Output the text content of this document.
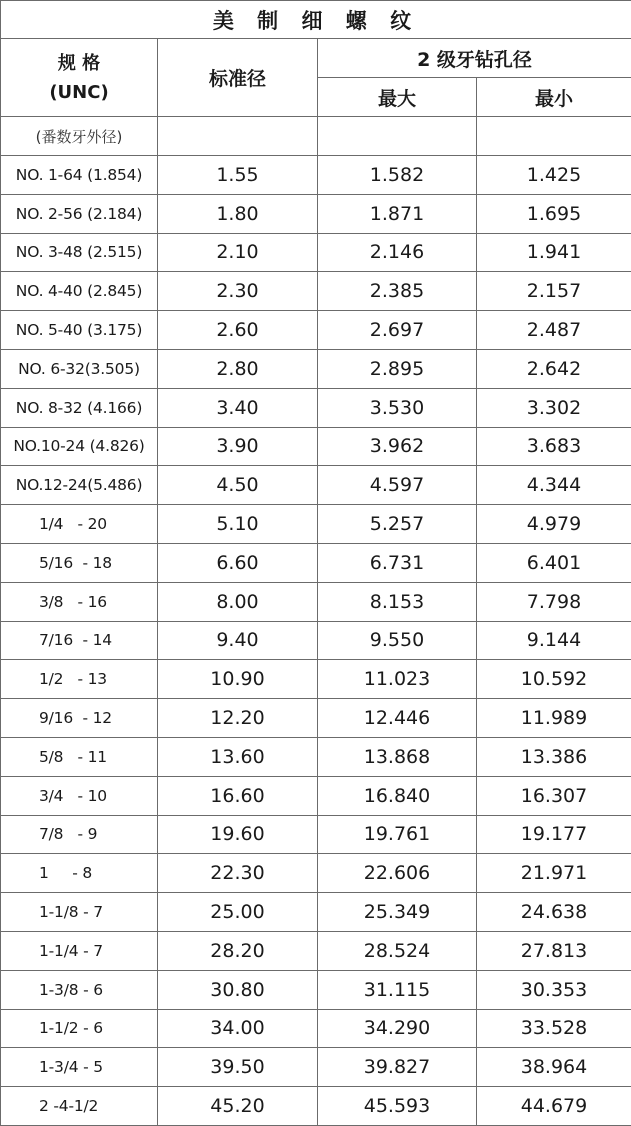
美 制 细 螺 纹			

规 格
(UNC)	标准径	2 级牙钻孔径	
		最大	最小
(番数牙外径)			
NO. 1-64 (1.854)	1.55	1.582	1.425
NO. 2-56 (2.184)	1.80	1.871	1.695
NO. 3-48 (2.515)	2.10	2.146	1.941
NO. 4-40 (2.845)	2.30	2.385	2.157
NO. 5-40 (3.175)	2.60	2.697	2.487
NO. 6-32(3.505)	2.80	2.895	2.642
NO. 8-32 (4.166)	3.40	3.530	3.302
NO.10-24 (4.826)	3.90	3.962	3.683
NO.12-24(5.486)	4.50	4.597	4.344
1/4   - 20	5.10	5.257	4.979
5/16  - 18	6.60	6.731	6.401
3/8   - 16	8.00	8.153	7.798
7/16  - 14	9.40	9.550	9.144
1/2   - 13	10.90	11.023	10.592
9/16  - 12	12.20	12.446	11.989
5/8   - 11	13.60	13.868	13.386
3/4   - 10	16.60	16.840	16.307
7/8   - 9	19.60	19.761	19.177
1     - 8	22.30	22.606	21.971
1-1/8 - 7	25.00	25.349	24.638
1-1/4 - 7	28.20	28.524	27.813
1-3/8 - 6	30.80	31.115	30.353
1-1/2 - 6	34.00	34.290	33.528
1-3/4 - 5	39.50	39.827	38.964
2 -4-1/2	45.20	45.593	44.679
